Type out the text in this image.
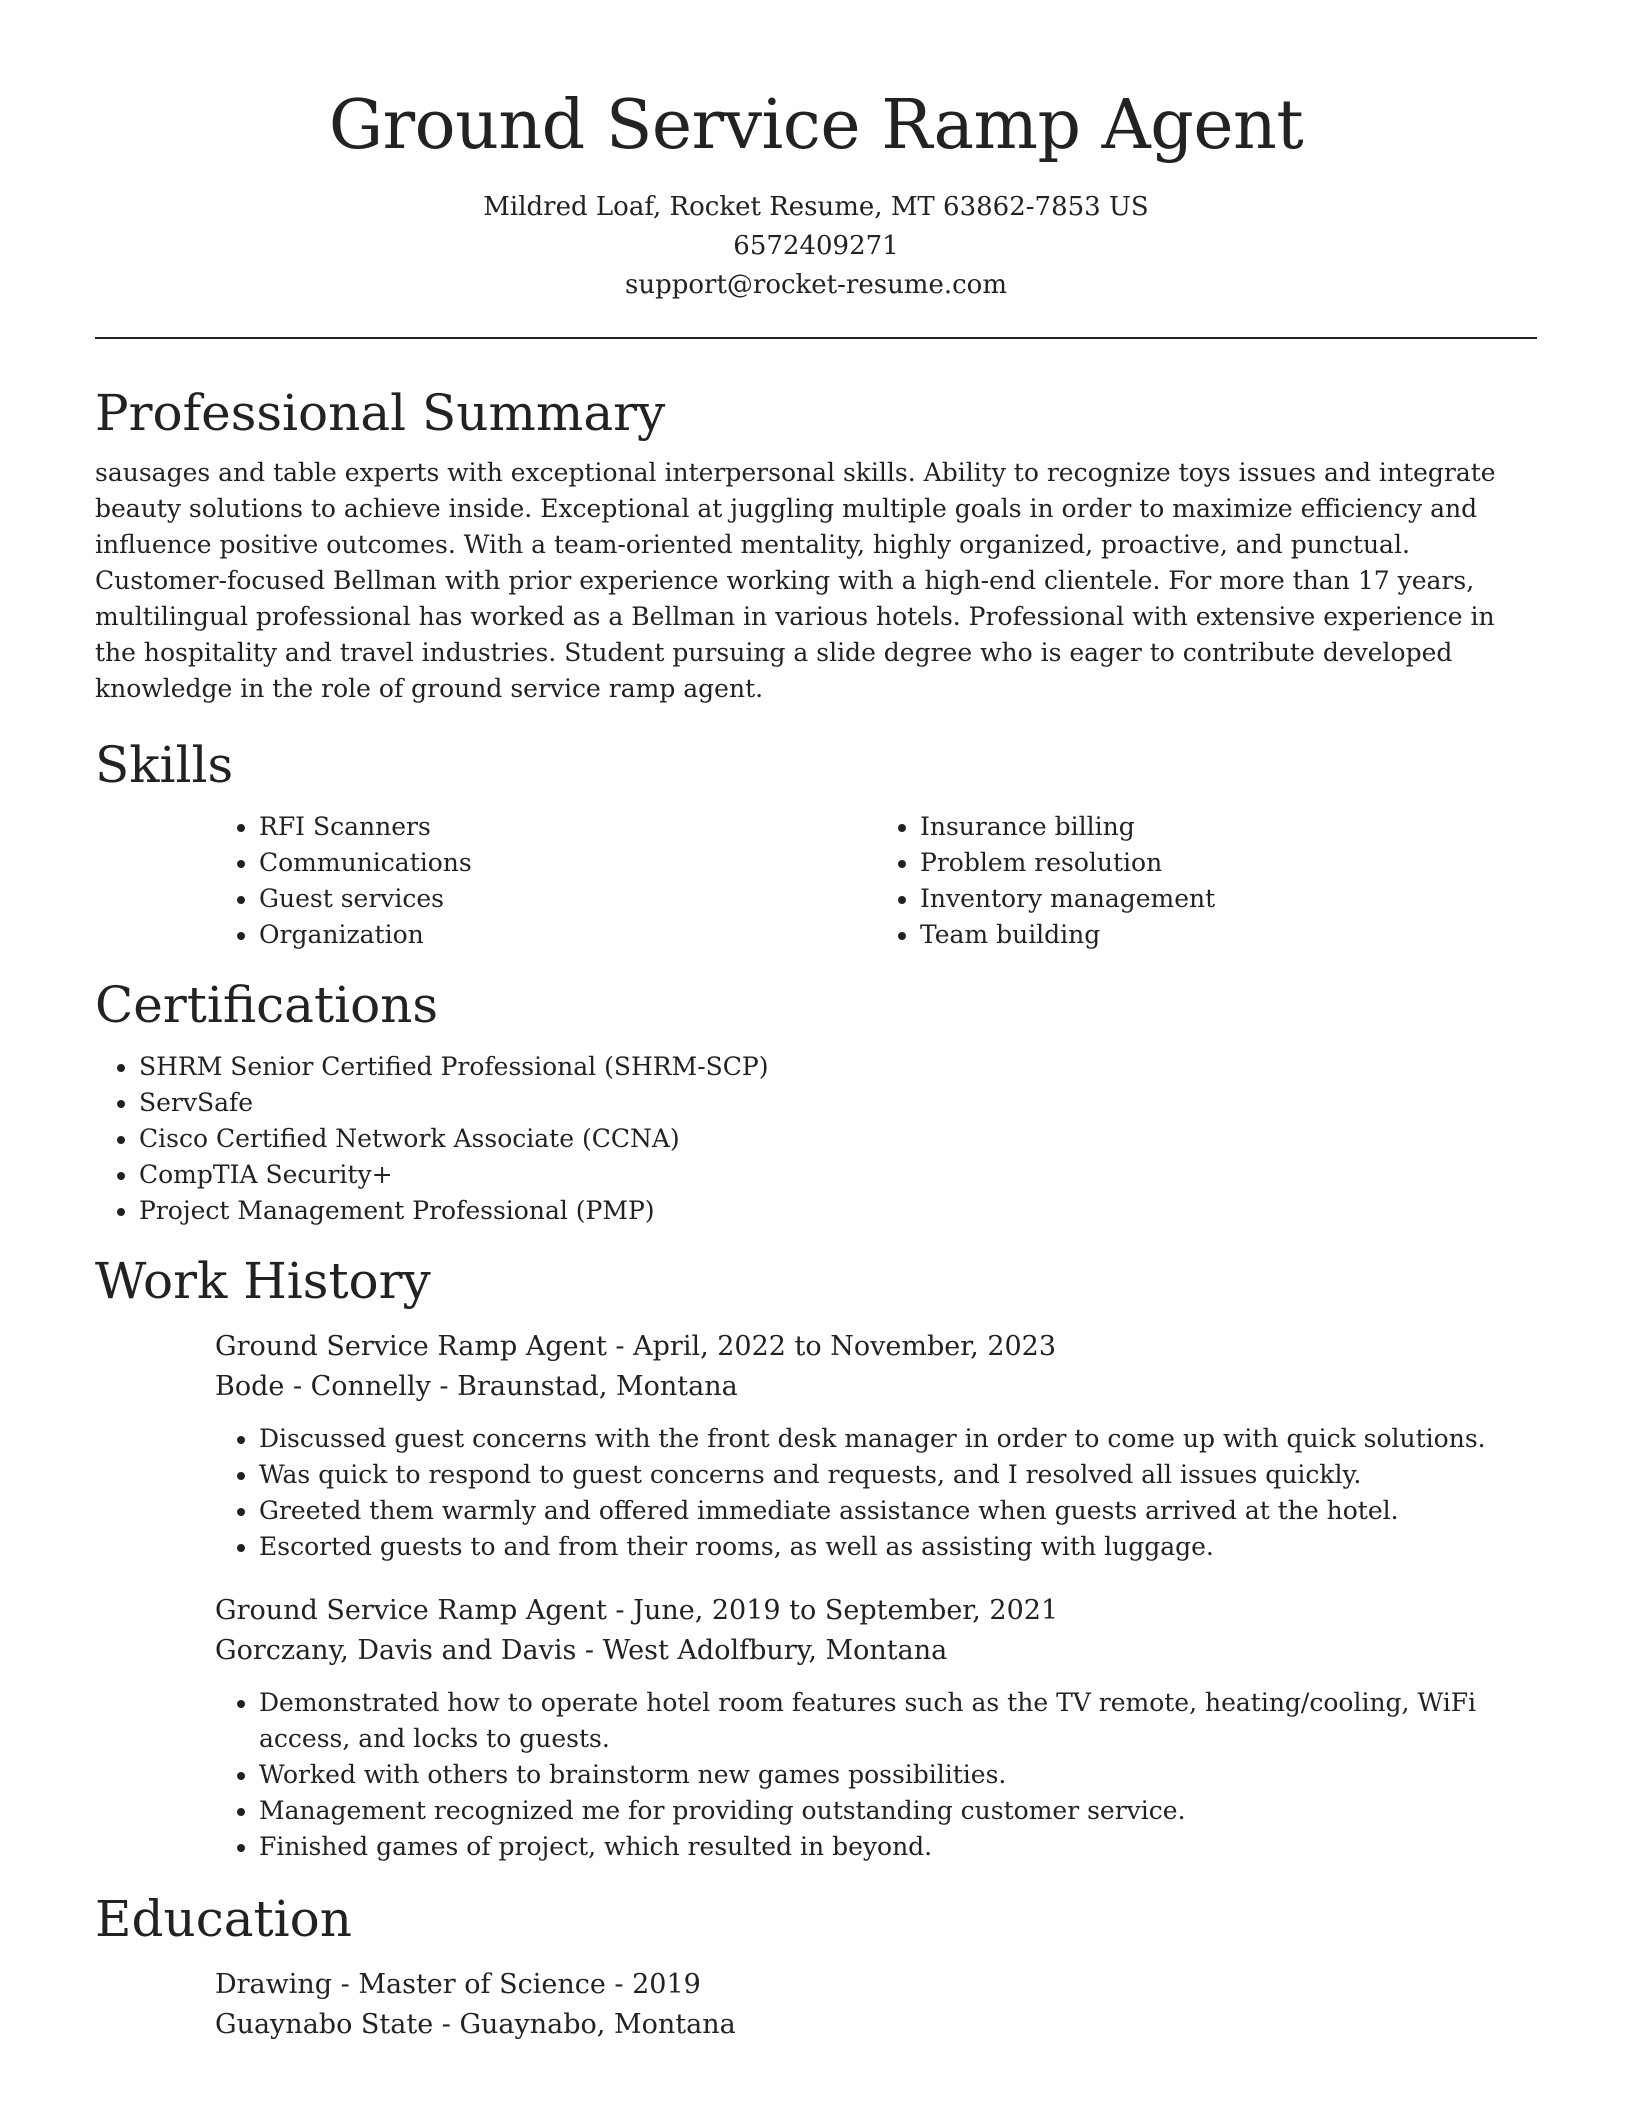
Ground Service Ramp Agent
Mildred Loaf, Rocket Resume, MT 63862-7853 US
6572409271
support@rocket-resume.com
Professional Summary

sausages and table experts with exceptional interpersonal skills. Ability to recognize toys issues and integrate beauty solutions to achieve inside. Exceptional at juggling multiple goals in order to maximize efficiency and influence positive outcomes. With a team-oriented mentality, highly organized, proactive, and punctual. Customer-focused Bellman with prior experience working with a high-end clientele. For more than 17 years, multilingual professional has worked as a Bellman in various hotels. Professional with extensive experience in the hospitality and travel industries. Student pursuing a slide degree who is eager to contribute developed knowledge in the role of ground service ramp agent.

Skills
• RFI Scanners
• Communications
• Guest services
• Organization
• Insurance billing
• Problem resolution
• Inventory management
• Team building
Certifications
• SHRM Senior Certified Professional (SHRM-SCP)
• ServSafe
• Cisco Certified Network Associate (CCNA)
• CompTIA Security+
• Project Management Professional (PMP)
Work History
Ground Service Ramp Agent - April, 2022 to November, 2023
Bode - Connelly - Braunstad, Montana
• Discussed guest concerns with the front desk manager in order to come up with quick solutions.
• Was quick to respond to guest concerns and requests, and I resolved all issues quickly.
• Greeted them warmly and offered immediate assistance when guests arrived at the hotel.
• Escorted guests to and from their rooms, as well as assisting with luggage.
Ground Service Ramp Agent - June, 2019 to September, 2021
Gorczany, Davis and Davis - West Adolfbury, Montana
• Demonstrated how to operate hotel room features such as the TV remote, heating/cooling, WiFi access, and locks to guests.
• Worked with others to brainstorm new games possibilities.
• Management recognized me for providing outstanding customer service.
• Finished games of project, which resulted in beyond.
Education
Drawing - Master of Science - 2019
Guaynabo State - Guaynabo, Montana
